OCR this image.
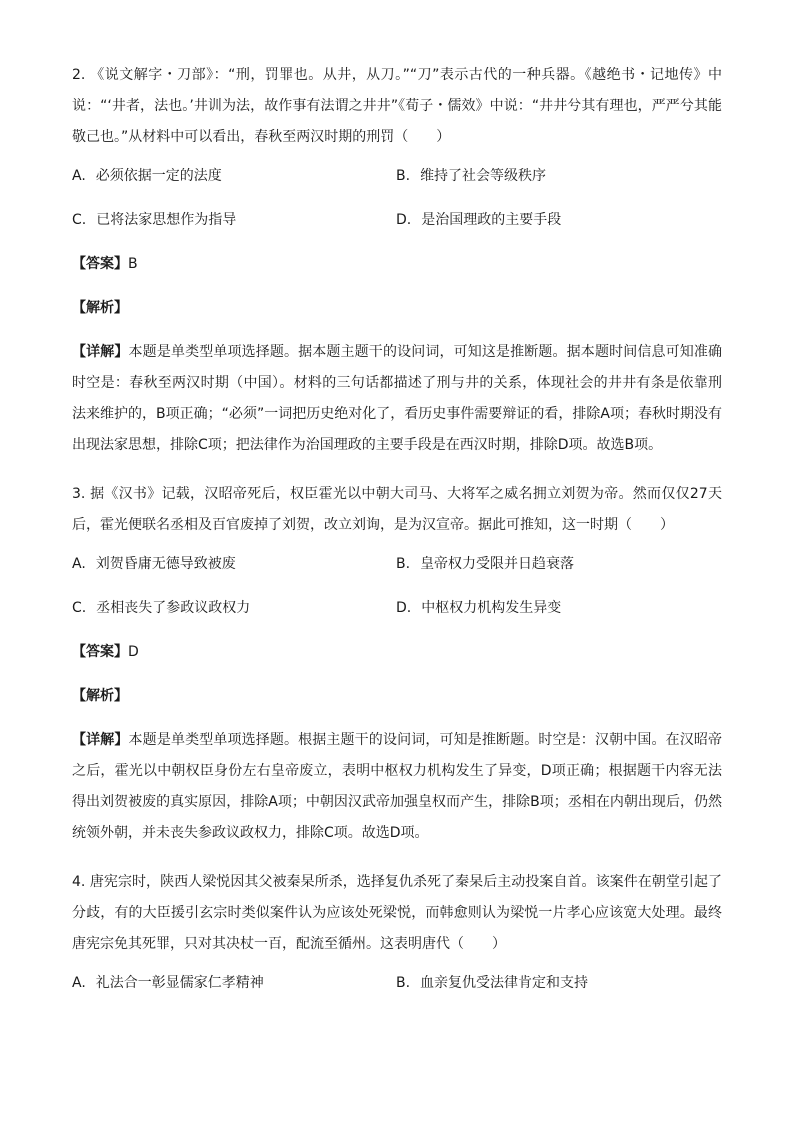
2. 《说文解字・刀部》：“刑，罚罪也。从井，从刀。”“刀”表示古代的一种兵器。《越绝书・记地传》中说：“‘井者，法也。’井训为法，故作事有法谓之井井”《荀子・儒效》中说：“井井兮其有理也，严严兮其能敬己也。”从材料中可以看出，春秋至两汉时期的刑罚（　　）

A. 必须依据一定的法度	B. 维持了社会等级秩序
C. 已将法家思想作为指导	D. 是治国理政的主要手段
【答案】B
【解析】

【详解】本题是单类型单项选择题。据本题主题干的设问词，可知这是推断题。据本题时间信息可知准确时空是：春秋至两汉时期（中国）。材料的三句话都描述了刑与井的关系，体现社会的井井有条是依靠刑法来维护的，B项正确；“必须”一词把历史绝对化了，看历史事件需要辩证的看，排除A项；春秋时期没有出现法家思想，排除C项；把法律作为治国理政的主要手段是在西汉时期，排除D项。故选B项。

3. 据《汉书》记载，汉昭帝死后，权臣霍光以中朝大司马、大将军之威名拥立刘贺为帝。然而仅仅27天后，霍光便联名丞相及百官废掉了刘贺，改立刘询，是为汉宣帝。据此可推知，这一时期（　　）

A. 刘贺昏庸无德导致被废	B. 皇帝权力受限并日趋衰落
C. 丞相丧失了参政议政权力	D. 中枢权力机构发生异变
【答案】D
【解析】

【详解】本题是单类型单项选择题。根据主题干的设问词，可知是推断题。时空是：汉朝中国。在汉昭帝之后，霍光以中朝权臣身份左右皇帝废立，表明中枢权力机构发生了异变，D项正确；根据题干内容无法得出刘贺被废的真实原因，排除A项；中朝因汉武帝加强皇权而产生，排除B项；丞相在内朝出现后，仍然统领外朝，并未丧失参政议政权力，排除C项。故选D项。

4. 唐宪宗时，陕西人梁悦因其父被秦杲所杀，选择复仇杀死了秦杲后主动投案自首。该案件在朝堂引起了分歧，有的大臣援引玄宗时类似案件认为应该处死梁悦，而韩愈则认为梁悦一片孝心应该宽大处理。最终唐宪宗免其死罪，只对其决杖一百，配流至循州。这表明唐代（　　）

A. 礼法合一彰显儒家仁孝精神	B. 血亲复仇受法律肯定和支持
